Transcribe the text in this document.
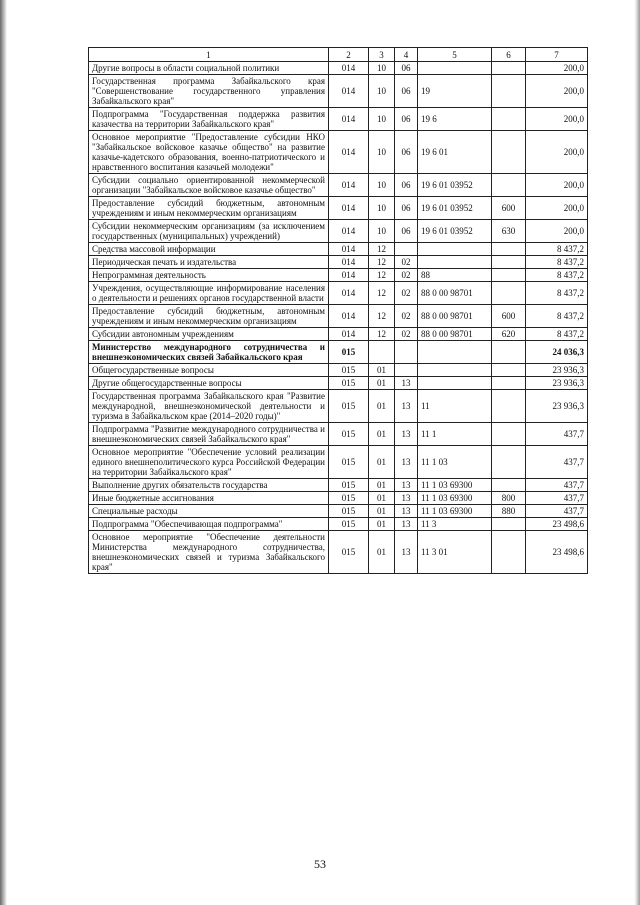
1	2	3	4	5	6	7
Другие вопросы в области социальной политики	014	10	06			200,0
Государственная программа Забайкальского края "Совершенствование государственного управления Забайкальского края"	014	10	06	19		200,0
Подпрограмма "Государственная поддержка развития казачества на территории Забайкальского края"	014	10	06	19 6		200,0
Основное мероприятие "Предоставление субсидии НКО "Забайкальское войсковое казачье общество" на развитие казачье-кадетского образования, военно-патриотического и нравственного воспитания казачьей молодежи"	014	10	06	19 6 01		200,0
Субсидии социально ориентированной некоммерческой организации "Забайкальское войсковое казачье общество"	014	10	06	19 6 01 03952		200,0
Предоставление субсидий бюджетным, автономным учреждениям и иным некоммерческим организациям	014	10	06	19 6 01 03952	600	200,0
Субсидии некоммерческим организациям (за исключением государственных (муниципальных) учреждений)	014	10	06	19 6 01 03952	630	200,0
Средства массовой информации	014	12				8 437,2
Периодическая печать и издательства	014	12	02			8 437,2
Непрограммная деятельность	014	12	02	88		8 437,2
Учреждения, осуществляющие информирование населения о деятельности и решениях органов государственной власти	014	12	02	88 0 00 98701		8 437,2
Предоставление субсидий бюджетным, автономным учреждениям и иным некоммерческим организациям	014	12	02	88 0 00 98701	600	8 437,2
Субсидии автономным учреждениям	014	12	02	88 0 00 98701	620	8 437,2
Министерство международного сотрудничества и внешнеэкономических связей Забайкальского края	015					24 036,3
Общегосударственные вопросы	015	01				23 936,3
Другие общегосударственные вопросы	015	01	13			23 936,3
Государственная программа Забайкальского края "Развитие международной, внешнеэкономической деятельности и туризма в Забайкальском крае (2014–2020 годы)"	015	01	13	11		23 936,3
Подпрограмма "Развитие международного сотрудничества и внешнеэкономических связей Забайкальского края"	015	01	13	11 1		437,7
Основное мероприятие "Обеспечение условий реализации единого внешнеполитического курса Российской Федерации на территории Забайкальского края"	015	01	13	11 1 03		437,7
Выполнение других обязательств государства	015	01	13	11 1 03 69300		437,7
Иные бюджетные ассигнования	015	01	13	11 1 03 69300	800	437,7
Специальные расходы	015	01	13	11 1 03 69300	880	437,7
Подпрограмма "Обеспечивающая подпрограмма"	015	01	13	11 3		23 498,6
Основное мероприятие "Обеспечение деятельности Министерства международного сотрудничества, внешнеэкономических связей и туризма Забайкальского края"	015	01	13	11 3 01		23 498,6
53
